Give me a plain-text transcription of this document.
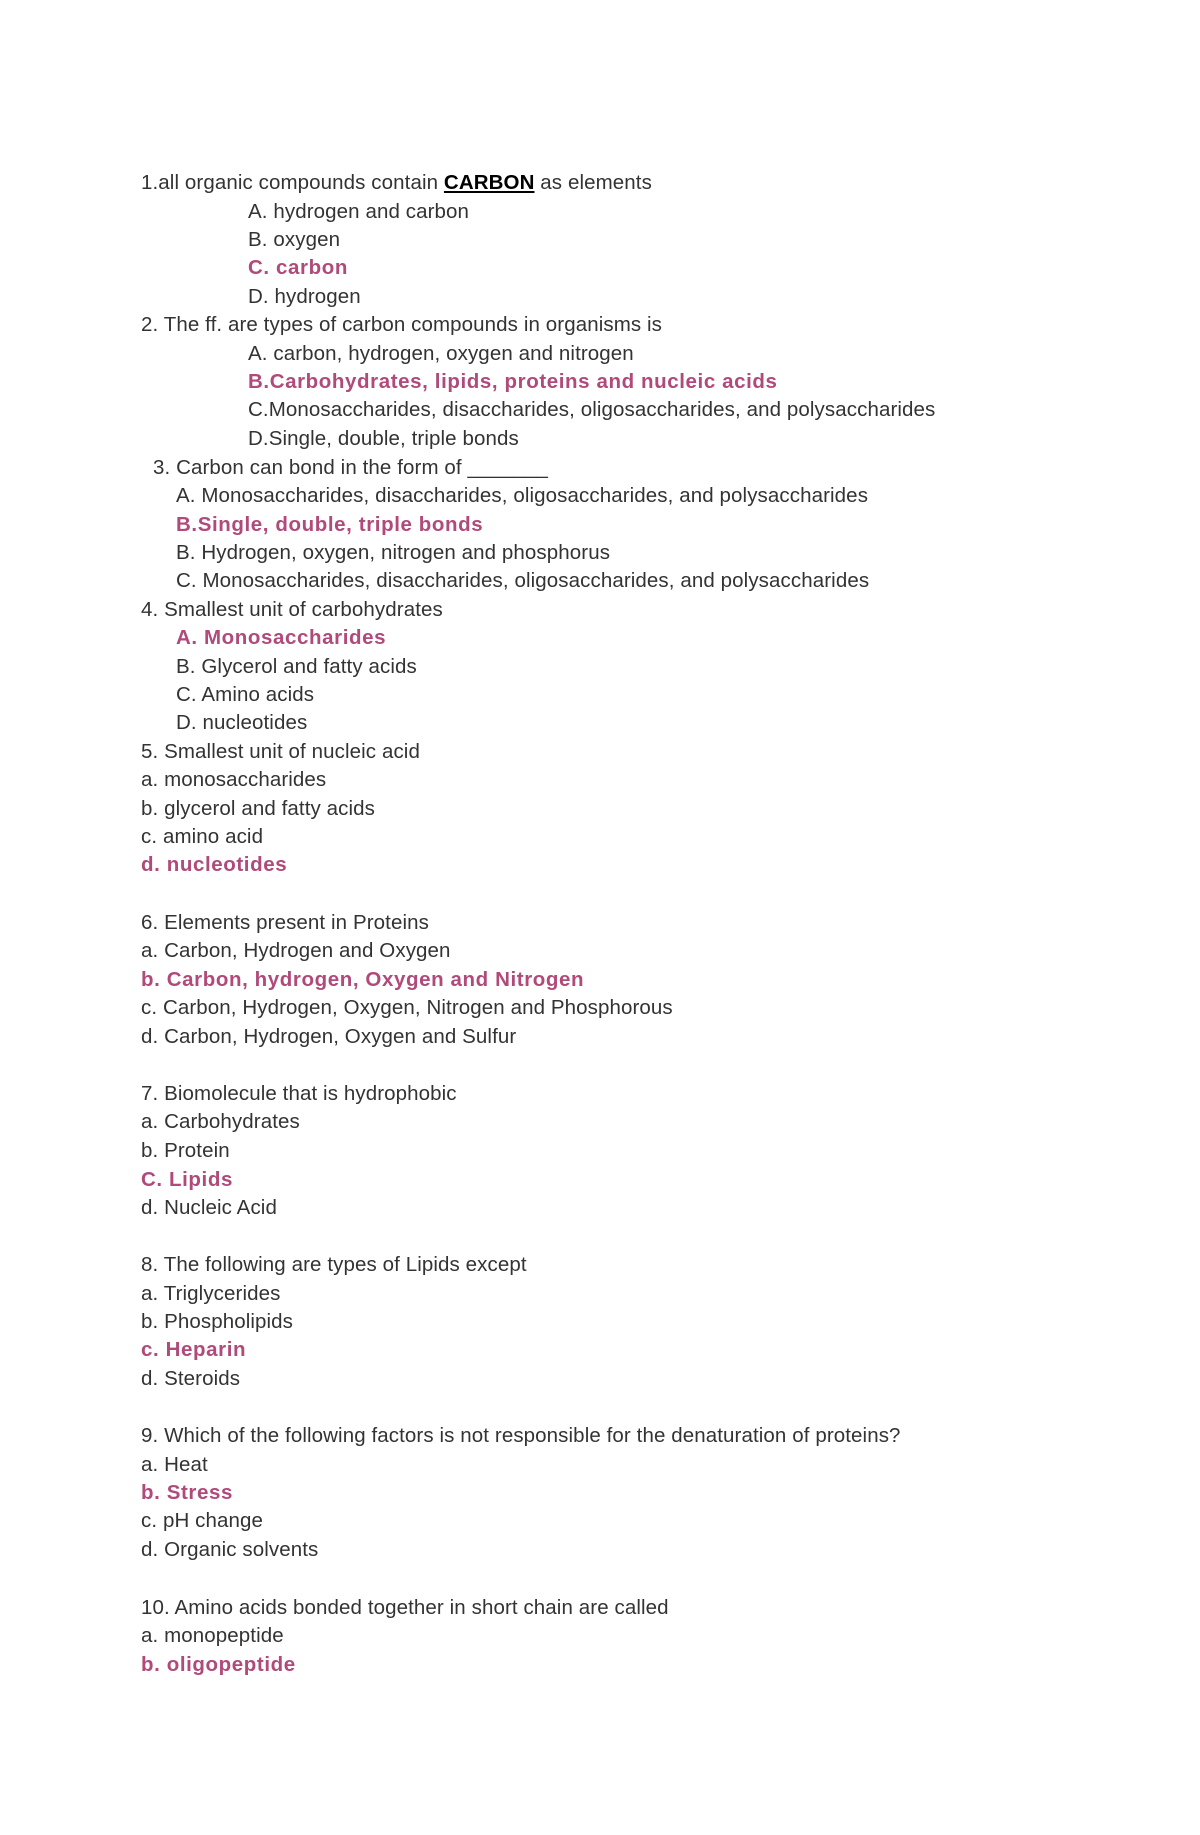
1.all organic compounds contain CARBON as elements
A. hydrogen and carbon
B. oxygen
C. carbon
D. hydrogen
2. The ff. are types of carbon compounds in organisms is
A. carbon, hydrogen, oxygen and nitrogen
B.Carbohydrates, lipids, proteins and nucleic acids
C.Monosaccharides, disaccharides, oligosaccharides, and polysaccharides
D.Single, double, triple bonds
3. Carbon can bond in the form of _______
A. Monosaccharides, disaccharides, oligosaccharides, and polysaccharides
B.Single, double, triple bonds
B. Hydrogen, oxygen, nitrogen and phosphorus
C. Monosaccharides, disaccharides, oligosaccharides, and polysaccharides
4. Smallest unit of carbohydrates
A. Monosaccharides
B. Glycerol and fatty acids
C. Amino acids
D. nucleotides
5. Smallest unit of nucleic acid
a. monosaccharides
b. glycerol and fatty acids
c. amino acid
d. nucleotides
6. Elements present in Proteins
a. Carbon, Hydrogen and Oxygen
b. Carbon, hydrogen, Oxygen and Nitrogen
c. Carbon, Hydrogen, Oxygen, Nitrogen and Phosphorous
d. Carbon, Hydrogen, Oxygen and Sulfur
7. Biomolecule that is hydrophobic
a. Carbohydrates
b. Protein
C. Lipids
d. Nucleic Acid
8. The following are types of Lipids except
a. Triglycerides
b. Phospholipids
c. Heparin
d. Steroids
9. Which of the following factors is not responsible for the denaturation of proteins?
a. Heat
b. Stress
c. pH change
d. Organic solvents
10. Amino acids bonded together in short chain are called
a. monopeptide
b. oligopeptide
